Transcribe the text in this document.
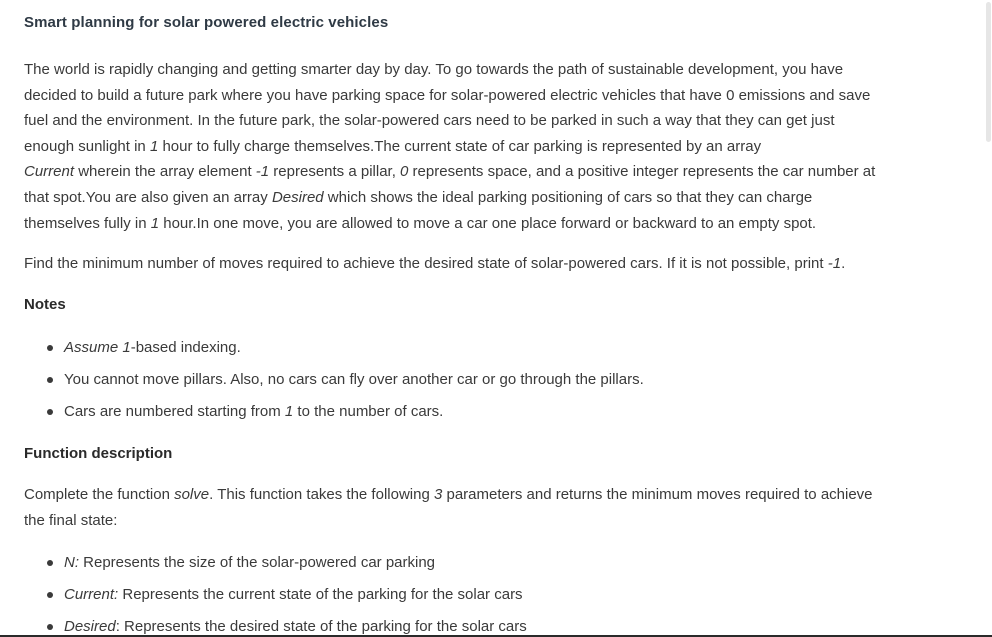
Smart planning for solar powered electric vehicles
The world is rapidly changing and getting smarter day by day. To go towards the path of sustainable development, you have
decided to build a future park where you have parking space for solar-powered electric vehicles that have 0 emissions and save
fuel and the environment. In the future park, the solar-powered cars need to be parked in such a way that they can get just
enough sunlight in 1 hour to fully charge themselves.The current state of car parking is represented by an array
Current wherein the array element -1 represents a pillar, 0 represents space, and a positive integer represents the car number at
that spot.You are also given an array Desired which shows the ideal parking positioning of cars so that they can charge
themselves fully in 1 hour.In one move, you are allowed to move a car one place forward or backward to an empty spot.
Find the minimum number of moves required to achieve the desired state of solar-powered cars. If it is not possible, print -1.
Notes
Assume 1-based indexing.
You cannot move pillars. Also, no cars can fly over another car or go through the pillars.
Cars are numbered starting from 1 to the number of cars.
Function description
Complete the function solve. This function takes the following 3 parameters and returns the minimum moves required to achieve
the final state:
N: Represents the size of the solar-powered car parking
Current: Represents the current state of the parking for the solar cars
Desired: Represents the desired state of the parking for the solar cars
